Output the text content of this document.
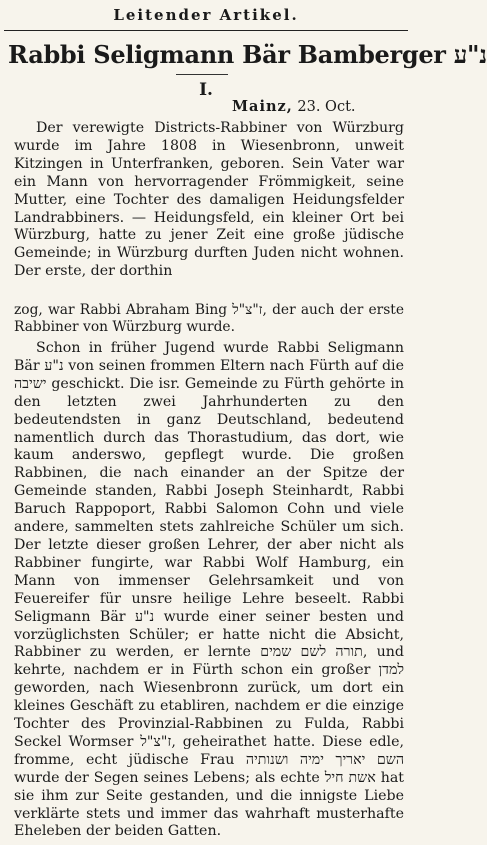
Leitender Artikel.
Rabbi Seligmann Bär Bamberger נ"ע
I.
Mainz, 23. Oct.

Der verewigte Districts-Rabbiner von Würzburg wurde im Jahre 1808 in Wiesenbronn, unweit Kitzingen in Unterfranken, geboren. Sein Vater war ein Mann von hervorragender Frömmigkeit, seine Mutter, eine Tochter des damaligen Heidungsfelder Landrabbiners. — Heidungsfeld, ein kleiner Ort bei Würzburg, hatte zu jener Zeit eine große jüdische Gemeinde; in Würzburg durften Juden nicht wohnen. Der erste, der dorthin

zog, war Rabbi Abraham Bing ז"צ"ל, der auch der erste Rabbiner von Würzburg wurde.

Schon in früher Jugend wurde Rabbi Seligmann Bär נ"ע von seinen frommen Eltern nach Fürth auf die ישיבה geschickt. Die isr. Gemeinde zu Fürth gehörte in den letzten zwei Jahrhunderten zu den bedeutendsten in ganz Deutschland, bedeutend namentlich durch das Thorastudium, das dort, wie kaum anderswo, gepflegt wurde. Die großen Rabbinen, die nach einander an der Spitze der Gemeinde standen, Rabbi Joseph Steinhardt, Rabbi Baruch Rappoport, Rabbi Salomon Cohn und viele andere, sammelten stets zahlreiche Schüler um sich. Der letzte dieser großen Lehrer, der aber nicht als Rabbiner fungirte, war Rabbi Wolf Hamburg, ein Mann von immenser Gelehrsamkeit und von Feuereifer für unsre heilige Lehre beseelt. Rabbi Seligmann Bär נ"ע wurde einer seiner besten und vorzüglichsten Schüler; er hatte nicht die Absicht, Rabbiner zu werden, er lernte תורה לשם שמים, und kehrte, nachdem er in Fürth schon ein großer למדן geworden, nach Wiesenbronn zurück, um dort ein kleines Geschäft zu etabliren, nachdem er die einzige Tochter des Provinzial-Rabbinen zu Fulda, Rabbi Seckel Wormser ז"צ"ל, geheirathet hatte. Diese edle, fromme, echt jüdische Frau השם יאריך ימיה ושנותיה wurde der Segen seines Lebens; als echte אשת חיל hat sie ihm zur Seite gestanden, und die innigste Liebe verklärte stets und immer das wahrhaft musterhafte Eheleben der beiden Gatten.
